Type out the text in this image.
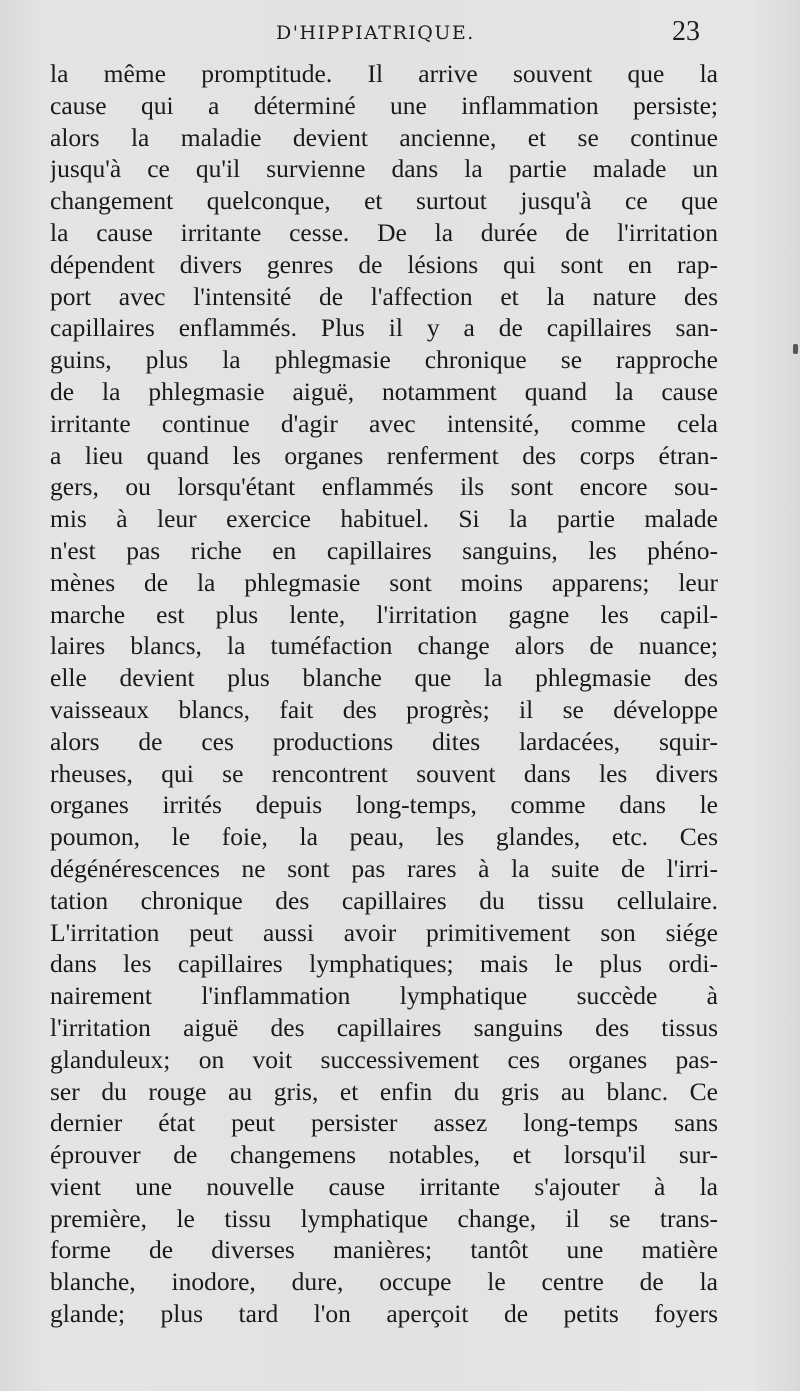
D'HIPPIATRIQUE.	23
la même promptitude. Il arrive souvent que la
cause qui a déterminé une inflammation persiste;
alors la maladie devient ancienne, et se continue
jusqu'à ce qu'il survienne dans la partie malade un
changement quelconque, et surtout jusqu'à ce que
la cause irritante cesse. De la durée de l'irritation
dépendent divers genres de lésions qui sont en rap-
port avec l'intensité de l'affection et la nature des
capillaires enflammés. Plus il y a de capillaires san-
guins, plus la phlegmasie chronique se rapproche
de la phlegmasie aiguë, notamment quand la cause
irritante continue d'agir avec intensité, comme cela
a lieu quand les organes renferment des corps étran-
gers, ou lorsqu'étant enflammés ils sont encore sou-
mis à leur exercice habituel. Si la partie malade
n'est pas riche en capillaires sanguins, les phéno-
mènes de la phlegmasie sont moins apparens; leur
marche est plus lente, l'irritation gagne les capil-
laires blancs, la tuméfaction change alors de nuance;
elle devient plus blanche que la phlegmasie des
vaisseaux blancs, fait des progrès; il se développe
alors de ces productions dites lardacées, squir-
rheuses, qui se rencontrent souvent dans les divers
organes irrités depuis long-temps, comme dans le
poumon, le foie, la peau, les glandes, etc. Ces
dégénérescences ne sont pas rares à la suite de l'irri-
tation chronique des capillaires du tissu cellulaire.
L'irritation peut aussi avoir primitivement son siége
dans les capillaires lymphatiques; mais le plus ordi-
nairement l'inflammation lymphatique succède à
l'irritation aiguë des capillaires sanguins des tissus
glanduleux; on voit successivement ces organes pas-
ser du rouge au gris, et enfin du gris au blanc. Ce
dernier état peut persister assez long-temps sans
éprouver de changemens notables, et lorsqu'il sur-
vient une nouvelle cause irritante s'ajouter à la
première, le tissu lymphatique change, il se trans-
forme de diverses manières; tantôt une matière
blanche, inodore, dure, occupe le centre de la
glande; plus tard l'on aperçoit de petits foyers
